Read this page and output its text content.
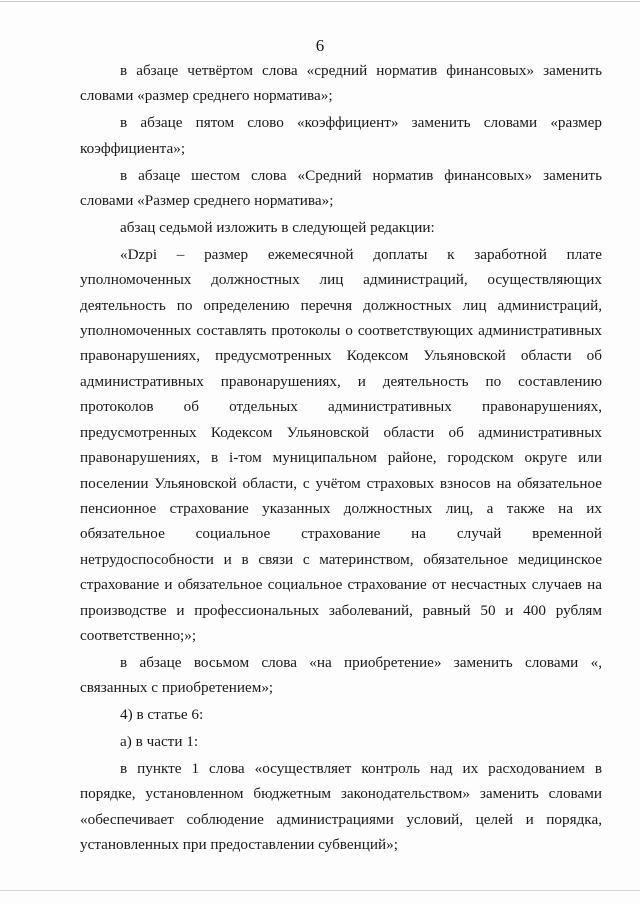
6

в абзаце четвёртом слова «средний норматив финансовых» заменить словами «размер среднего норматива»;

в абзаце пятом слово «коэффициент» заменить словами «размер коэффициента»;

в абзаце шестом слова «Средний норматив финансовых» заменить словами «Размер среднего норматива»;

абзац седьмой изложить в следующей редакции:

«Dzpi – размер ежемесячной доплаты к заработной плате уполномоченных должностных лиц администраций, осуществляющих деятельность по определению перечня должностных лиц администраций, уполномоченных составлять протоколы о соответствующих административных правонарушениях, предусмотренных Кодексом Ульяновской области об административных правонарушениях, и деятельность по составлению протоколов об отдельных административных правонарушениях, предусмотренных Кодексом Ульяновской области об административных правонарушениях, в i-том муниципальном районе, городском округе или поселении Ульяновской области, с учётом страховых взносов на обязательное пенсионное страхование указанных должностных лиц, а также на их обязательное социальное страхование на случай временной нетрудоспособности и в связи с материнством, обязательное медицинское страхование и обязательное социальное страхование от несчастных случаев на производстве и профессиональных заболеваний, равный 50 и 400 рублям соответственно;»;

в абзаце восьмом слова «на приобретение» заменить словами «, связанных с приобретением»;

4) в статье 6:

а) в части 1:

в пункте 1 слова «осуществляет контроль над их расходованием в порядке, установленном бюджетным законодательством» заменить словами «обеспечивает соблюдение администрациями условий, целей и порядка, установленных при предоставлении субвенций»;
